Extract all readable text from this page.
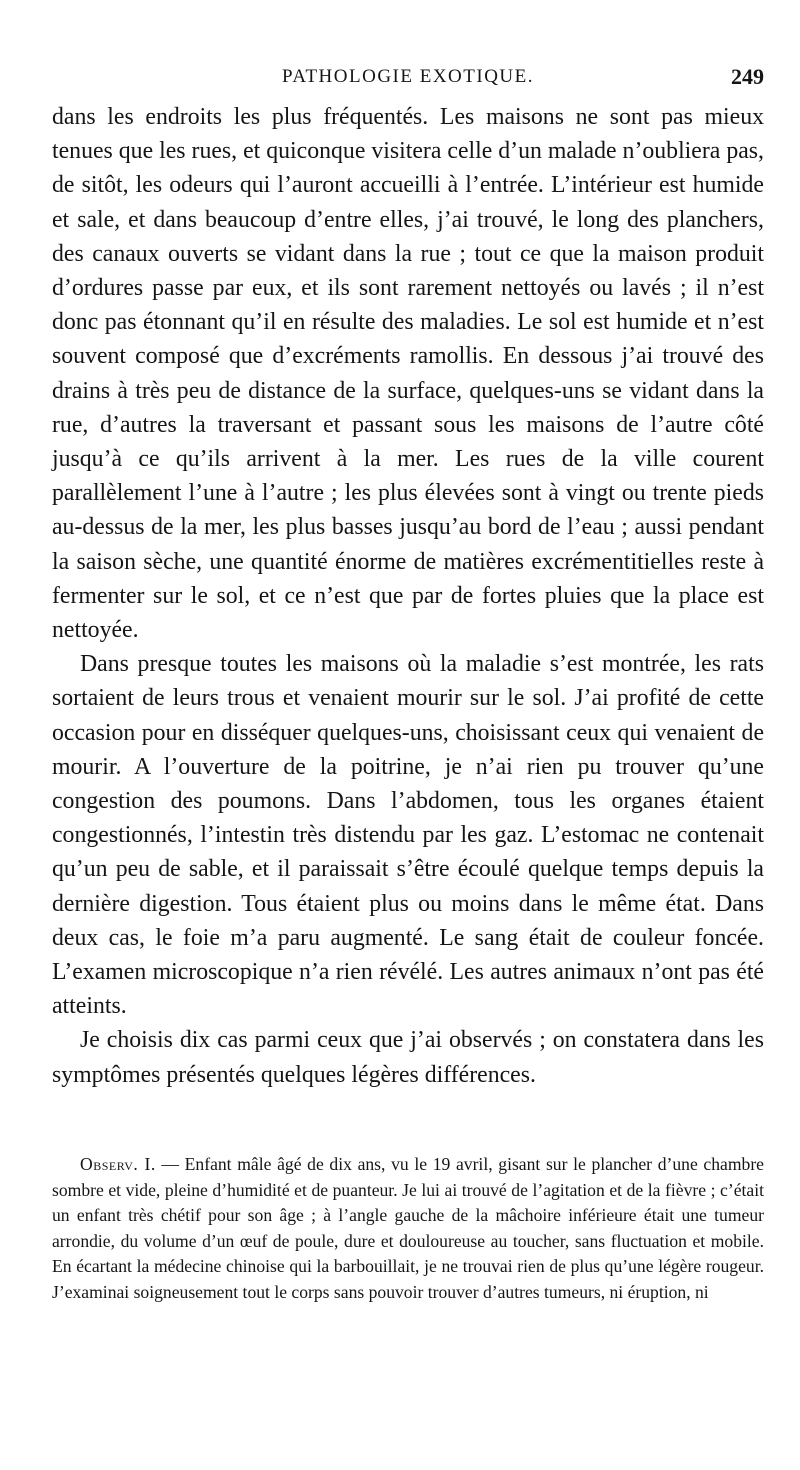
PATHOLOGIE EXOTIQUE.	249

dans les endroits les plus fréquentés. Les maisons ne sont pas mieux tenues que les rues, et quiconque visitera celle d’un malade n’oubliera pas, de sitôt, les odeurs qui l’auront accueilli à l’entrée. L’intérieur est humide et sale, et dans beaucoup d’entre elles, j’ai trouvé, le long des planchers, des canaux ouverts se vidant dans la rue ; tout ce que la maison produit d’ordures passe par eux, et ils sont rarement nettoyés ou lavés ; il n’est donc pas étonnant qu’il en résulte des maladies. Le sol est humide et n’est souvent composé que d’excréments ramollis. En dessous j’ai trouvé des drains à très peu de distance de la surface, quelques-uns se vidant dans la rue, d’autres la traversant et passant sous les maisons de l’autre côté jusqu’à ce qu’ils arrivent à la mer. Les rues de la ville courent parallèlement l’une à l’autre ; les plus élevées sont à vingt ou trente pieds au-dessus de la mer, les plus basses jusqu’au bord de l’eau ; aussi pendant la saison sèche, une quantité énorme de matières excrémentitielles reste à fermenter sur le sol, et ce n’est que par de fortes pluies que la place est nettoyée.

Dans presque toutes les maisons où la maladie s’est montrée, les rats sortaient de leurs trous et venaient mourir sur le sol. J’ai profité de cette occasion pour en disséquer quelques-uns, choisissant ceux qui venaient de mourir. A l’ouverture de la poitrine, je n’ai rien pu trouver qu’une congestion des poumons. Dans l’abdomen, tous les organes étaient congestionnés, l’intestin très distendu par les gaz. L’estomac ne contenait qu’un peu de sable, et il paraissait s’être écoulé quelque temps depuis la dernière digestion. Tous étaient plus ou moins dans le même état. Dans deux cas, le foie m’a paru augmenté. Le sang était de couleur foncée. L’examen microscopique n’a rien révélé. Les autres animaux n’ont pas été atteints.

Je choisis dix cas parmi ceux que j’ai observés ; on constatera dans les symptômes présentés quelques légères différences.

Observ. I. — Enfant mâle âgé de dix ans, vu le 19 avril, gisant sur le plancher d’une chambre sombre et vide, pleine d’humidité et de puanteur. Je lui ai trouvé de l’agitation et de la fièvre ; c’était un enfant très chétif pour son âge ; à l’angle gauche de la mâchoire inférieure était une tumeur arrondie, du volume d’un œuf de poule, dure et douloureuse au toucher, sans fluctuation et mobile. En écartant la médecine chinoise qui la barbouillait, je ne trouvai rien de plus qu’une légère rougeur. J’examinai soigneusement tout le corps sans pouvoir trouver d’autres tumeurs, ni éruption, ni
